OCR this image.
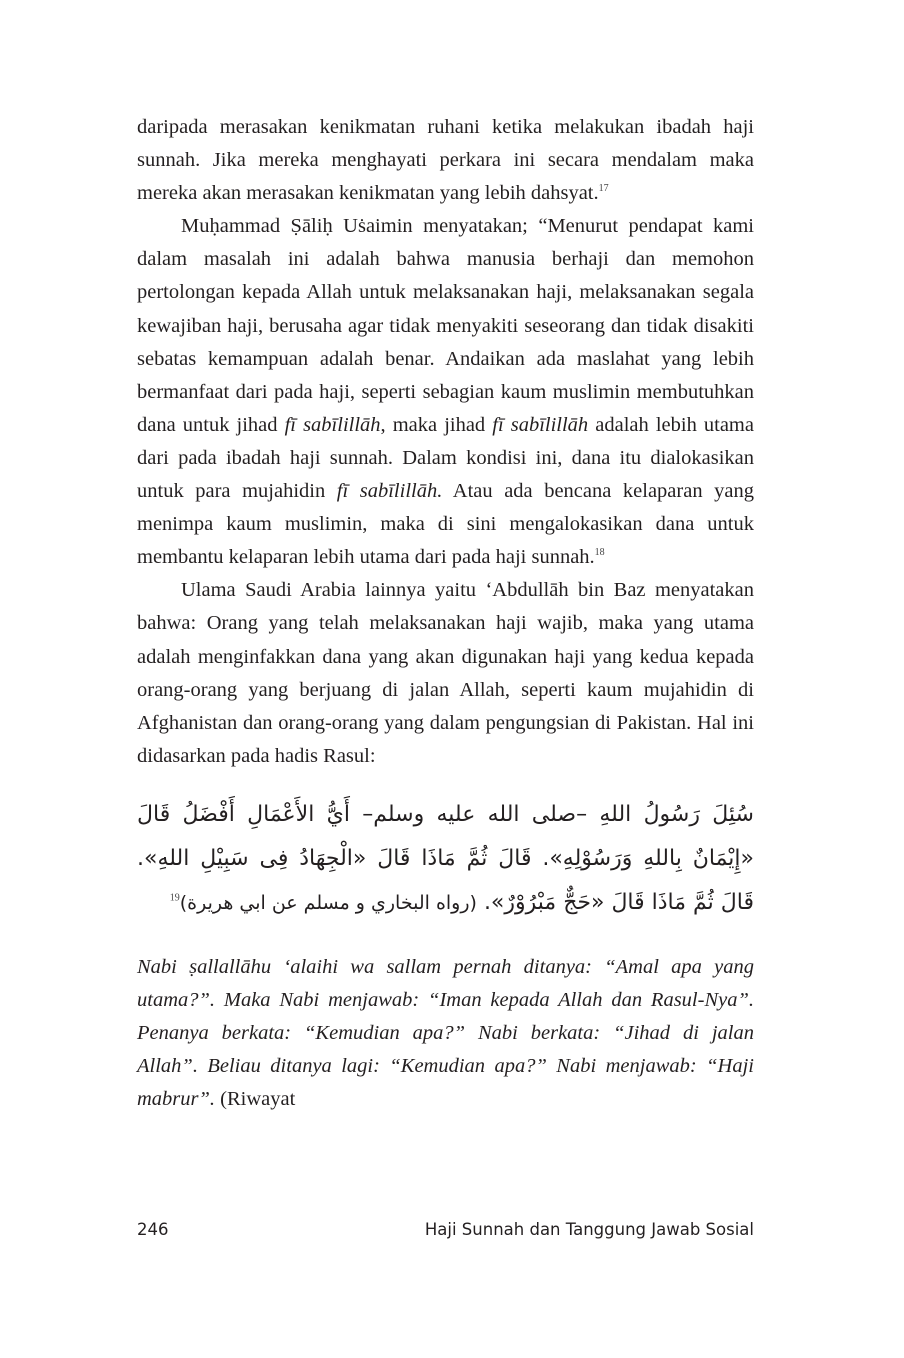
daripada merasakan kenikmatan ruhani ketika melakukan ibadah haji sunnah. Jika mereka menghayati perkara ini secara mendalam maka mereka akan merasakan kenikmatan yang lebih dahsyat.$^{17}$

Muḥammad Ṣāliḥ Uṡaimin menyatakan; “Menurut pendapat kami dalam masalah ini adalah bahwa manusia berhaji dan memohon pertolongan kepada Allah untuk melaksanakan haji, melaksanakan segala kewajiban haji, berusaha agar tidak menyakiti seseorang dan tidak disakiti sebatas kemampuan adalah benar. Andaikan ada maslahat yang lebih bermanfaat dari pada haji, seperti sebagian kaum muslimin membutuhkan dana untuk jihad fī sabīlillāh, maka jihad fī sabīlillāh adalah lebih utama dari pada ibadah haji sunnah. Dalam kondisi ini, dana itu dialokasikan untuk para mujahidin fī sabīlillāh. Atau ada bencana kelaparan yang menimpa kaum muslimin, maka di sini mengalokasikan dana untuk membantu kelaparan lebih utama dari pada haji sunnah.$^{18}$

Ulama Saudi Arabia lainnya yaitu ‘Abdullāh bin Baz menyatakan bahwa: Orang yang telah melaksanakan haji wajib, maka yang utama adalah menginfakkan dana yang akan digunakan haji yang kedua kepada orang-orang yang berjuang di jalan Allah, seperti kaum mujahidin di Afghanistan dan orang-orang yang dalam pengungsian di Pakistan. Hal ini didasarkan pada hadis Rasul:

سُئِلَ رَسُولُ اللهِ –صلى الله عليه وسلم– أَيُّ الأَعْمَالِ أَفْضَلُ قَالَ «إِيْمَانٌ بِاللهِ وَرَسُوْلِهِ». قَالَ ثُمَّ مَاذَا قَالَ «الْجِهَادُ فِى سَبِيْلِ اللهِ». قَالَ ثُمَّ مَاذَا قَالَ «حَجٌّ مَبْرُوْرٌ». (رواه البخاري و مسلم عن ابي هريرة)$^{19}$

Nabi ṣallallāhu ‘alaihi wa sallam pernah ditanya: “Amal apa yang utama?”. Maka Nabi menjawab: “Iman kepada Allah dan Rasul-Nya”. Penanya berkata: “Kemudian apa?” Nabi berkata: “Jihad di jalan Allah”. Beliau ditanya lagi: “Kemudian apa?” Nabi menjawab: “Haji mabrur”. (Riwayat

246	Haji Sunnah dan Tanggung Jawab Sosial
